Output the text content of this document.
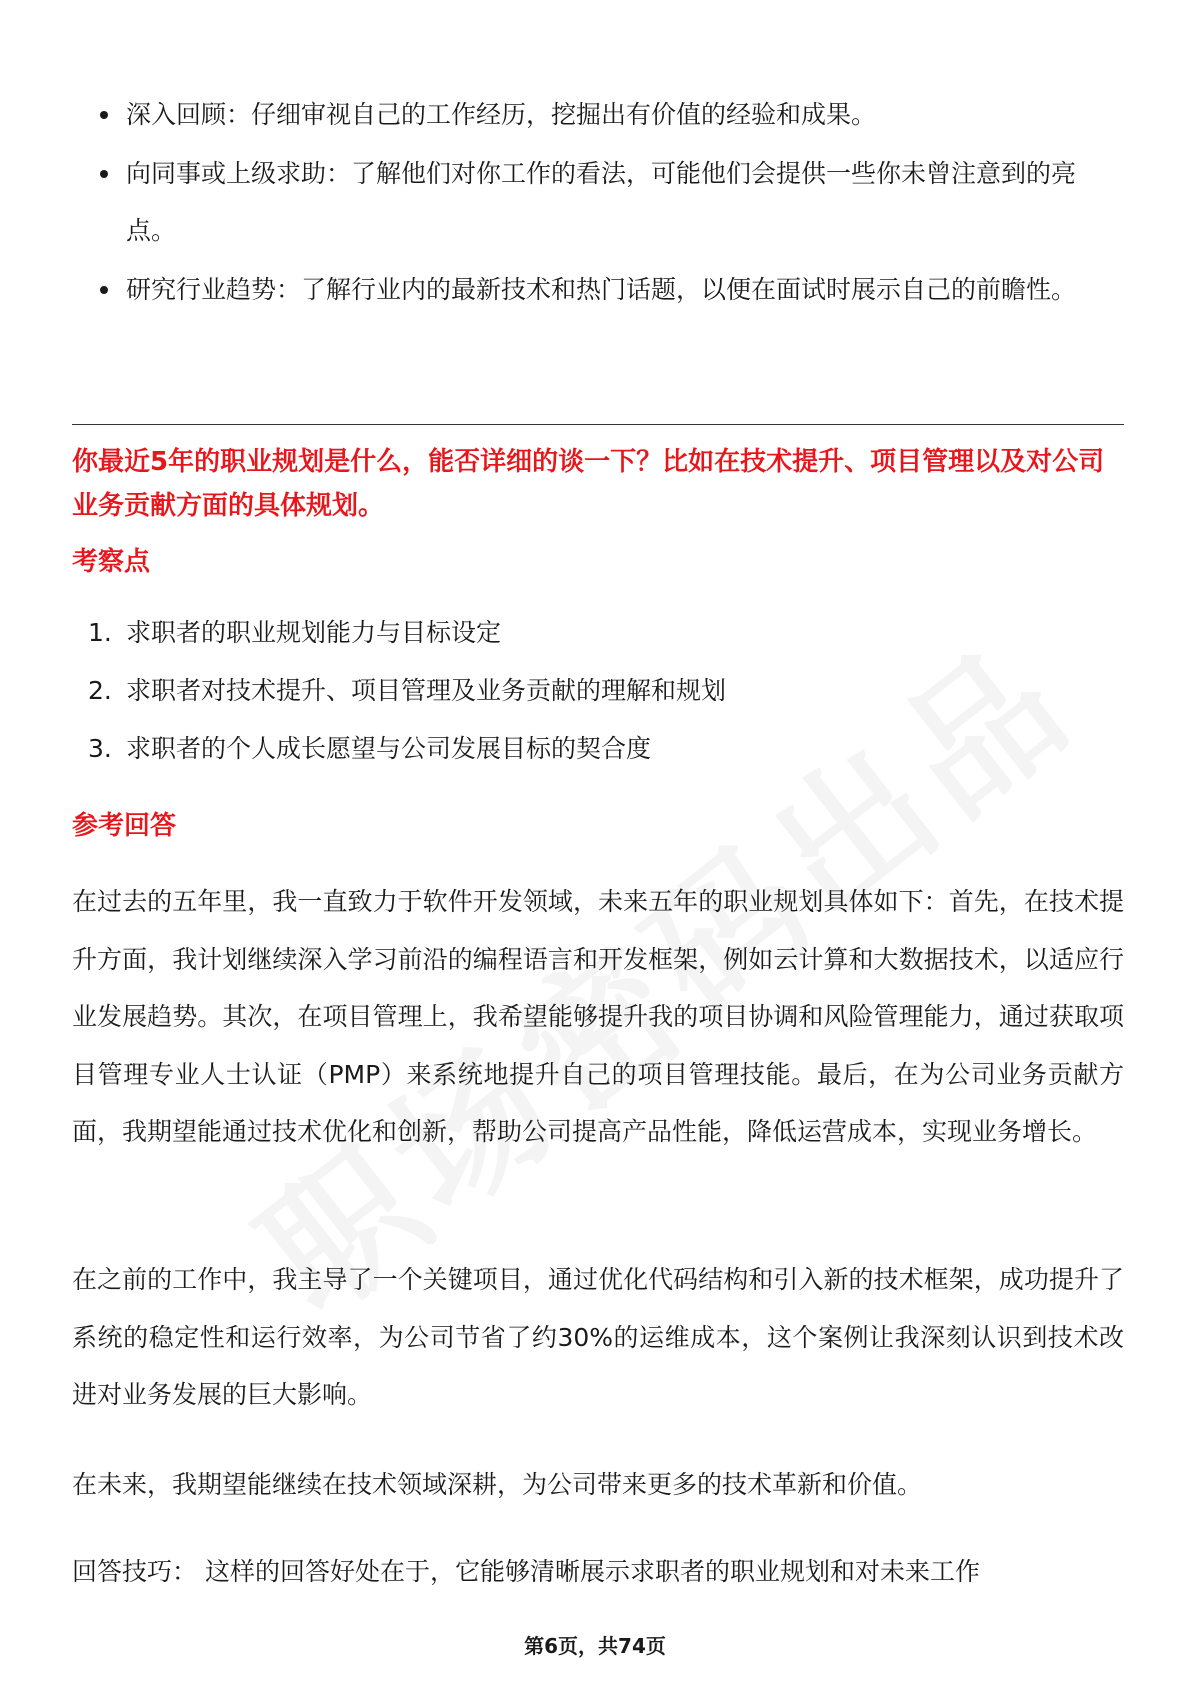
深入回顾：仔细审视自己的工作经历，挖掘出有价值的经验和成果。
向同事或上级求助：了解他们对你工作的看法，可能他们会提供一些你未曾注意到的亮点。
研究行业趋势：了解行业内的最新技术和热门话题，以便在面试时展示自己的前瞻性。
你最近5年的职业规划是什么，能否详细的谈一下？比如在技术提升、项目管理以及对公司业务贡献方面的具体规划。
考察点
1. 求职者的职业规划能力与目标设定
2. 求职者对技术提升、项目管理及业务贡献的理解和规划
3. 求职者的个人成长愿望与公司发展目标的契合度
参考回答

在过去的五年里，我一直致力于软件开发领域，未来五年的职业规划具体如下：首先，在技术提升方面，我计划继续深入学习前沿的编程语言和开发框架，例如云计算和大数据技术，以适应行业发展趋势。其次，在项目管理上，我希望能够提升我的项目协调和风险管理能力，通过获取项目管理专业人士认证（PMP）来系统地提升自己的项目管理技能。最后，在为公司业务贡献方面，我期望能通过技术优化和创新，帮助公司提高产品性能，降低运营成本，实现业务增长。

在之前的工作中，我主导了一个关键项目，通过优化代码结构和引入新的技术框架，成功提升了系统的稳定性和运行效率，为公司节省了约30%的运维成本，这个案例让我深刻认识到技术改进对业务发展的巨大影响。

在未来，我期望能继续在技术领域深耕，为公司带来更多的技术革新和价值。

回答技巧： 这样的回答好处在于，它能够清晰展示求职者的职业规划和对未来工作

第6页，共74页
